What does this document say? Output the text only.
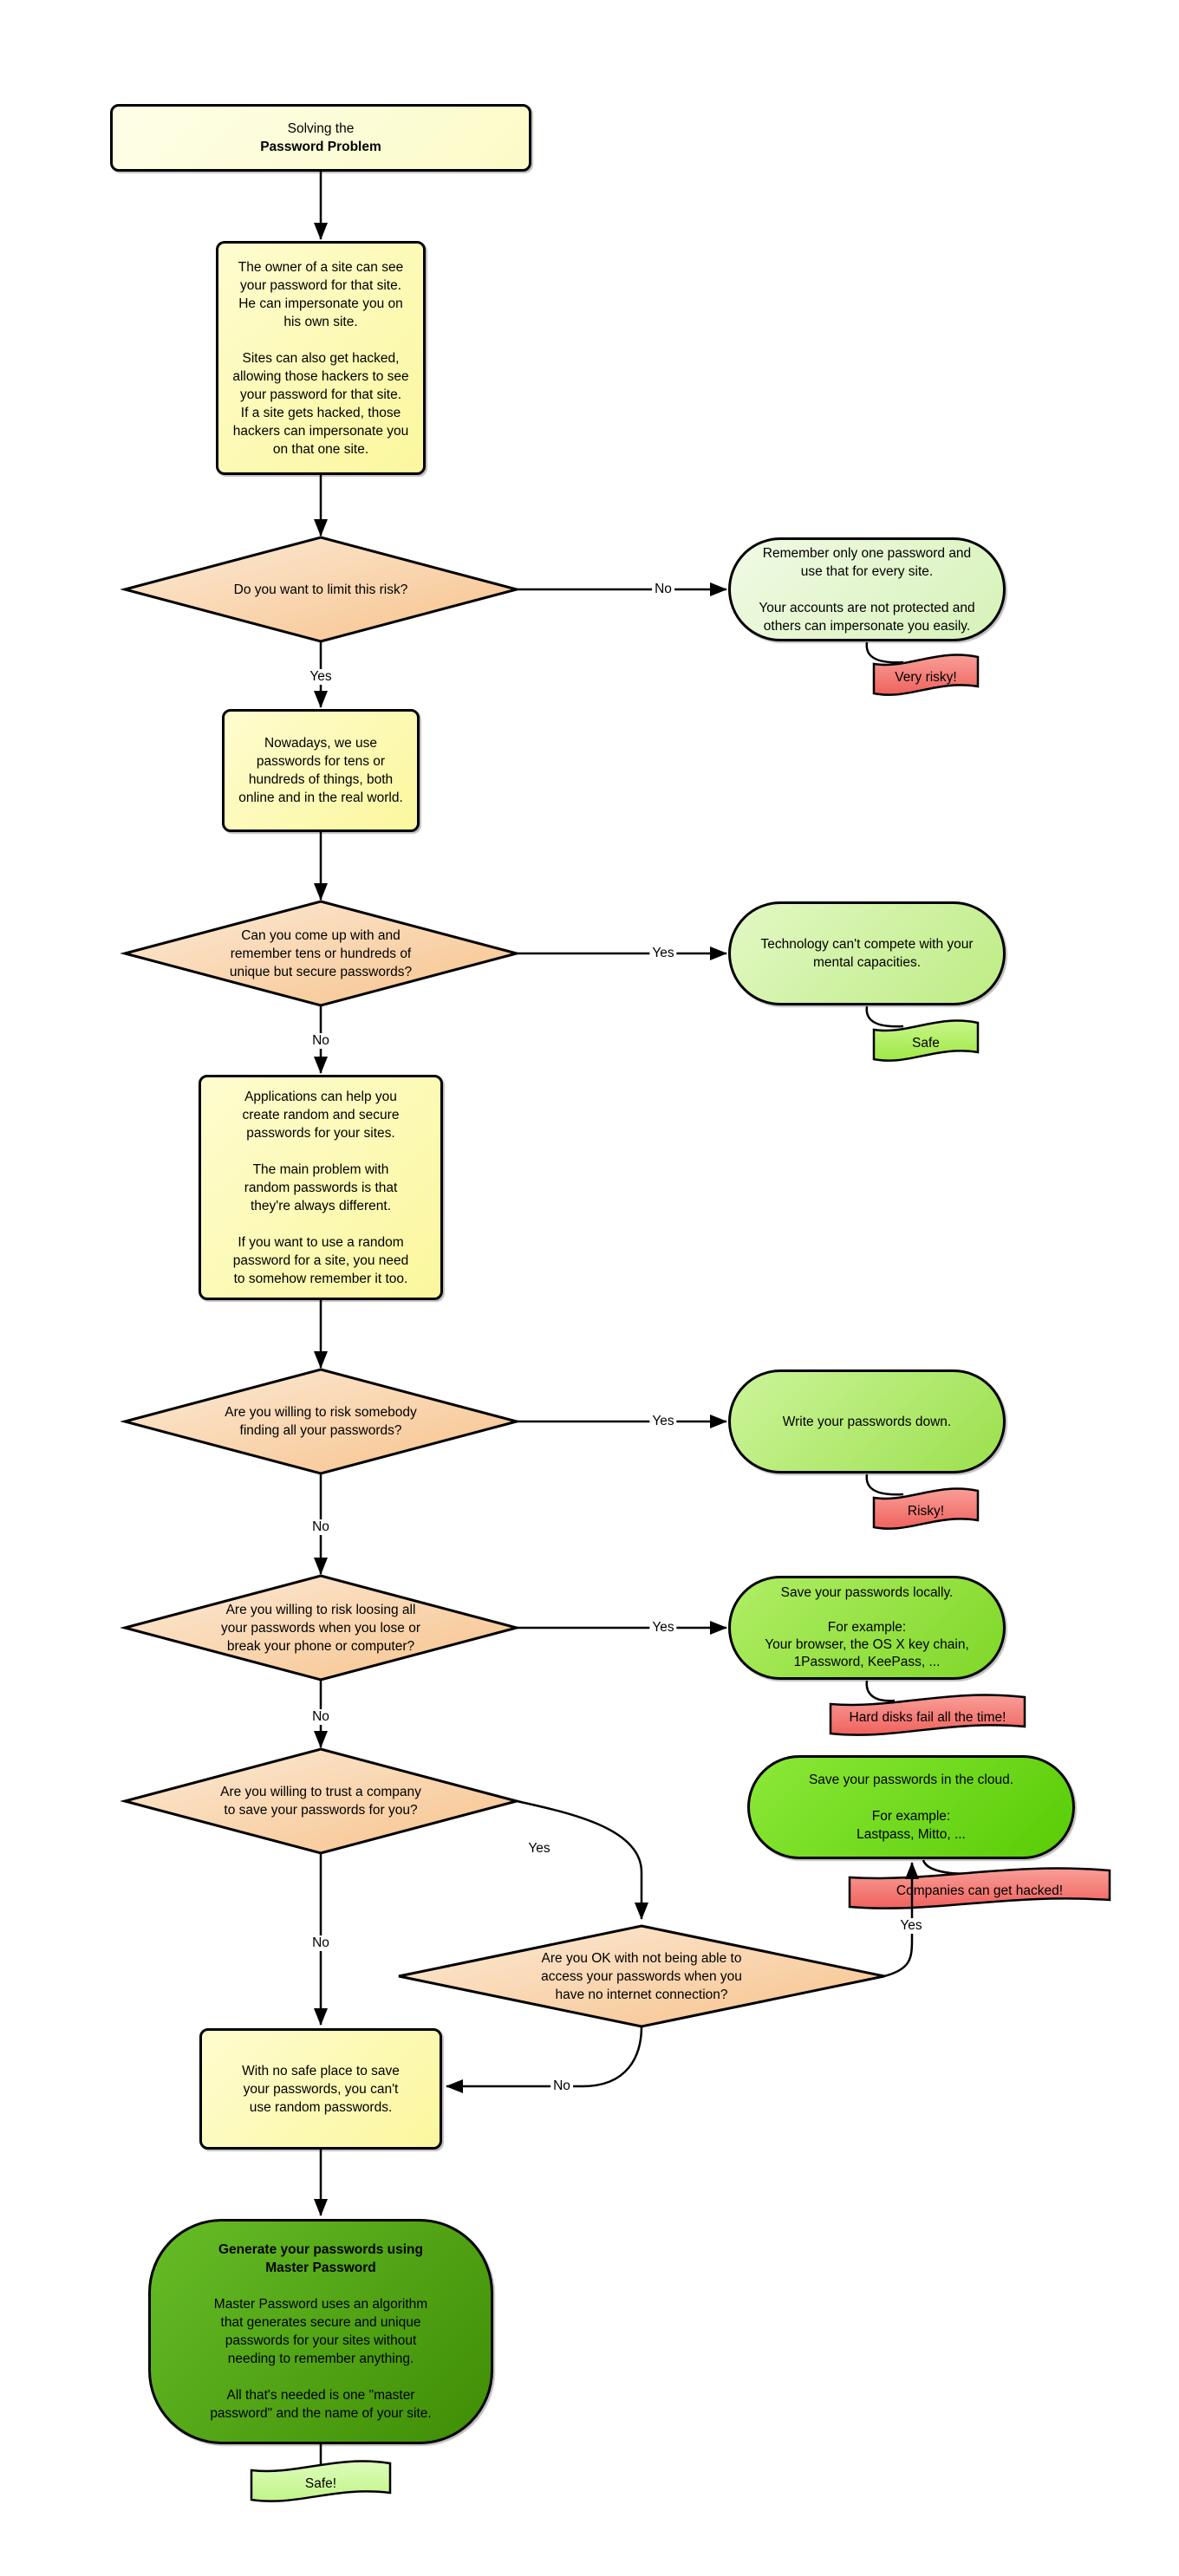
Solving the
Password Problem
The owner of a site can see
your password for that site.
He can impersonate you on
his own site.

Sites can also get hacked,
allowing those hackers to see
your password for that site.
If a site gets hacked, those
hackers can impersonate you
on that one site.
Nowadays, we use
passwords for tens or
hundreds of things, both
online and in the real world.
Applications can help you
create random and secure
passwords for your sites.

The main problem with
random passwords is that
they're always different.

If you want to use a random
password for a site, you need
to somehow remember it too.
With no safe place to save
your passwords, you can't
use random passwords.
Remember only one password and
use that for every site.

Your accounts are not protected and
others can impersonate you easily.
Technology can't compete with your
mental capacities.
Write your passwords down.
Save your passwords locally.

For example:
Your browser, the OS X key chain,
1Password, KeePass, ...
Save your passwords in the cloud.

For example:
Lastpass, Mitto, ...
Generate your passwords using
Master Password
Master Password uses an algorithm
that generates secure and unique
passwords for your sites without
needing to remember anything.

All that's needed is one "master
password" and the name of your site.
Do you want to limit this risk?
Can you come up with and
remember tens or hundreds of
unique but secure passwords?
Are you willing to risk somebody
finding all your passwords?
Are you willing to risk loosing all
your passwords when you lose or
break your phone or computer?
Are you willing to trust a company
to save your passwords for you?
Are you OK with not being able to
access your passwords when you
have no internet connection?
Very risky!
Safe
Risky!
Hard disks fail all the time!
Companies can get hacked!
Safe!
Yes
No
No
Yes
No
Yes
No
Yes
No
Yes
Yes
No
